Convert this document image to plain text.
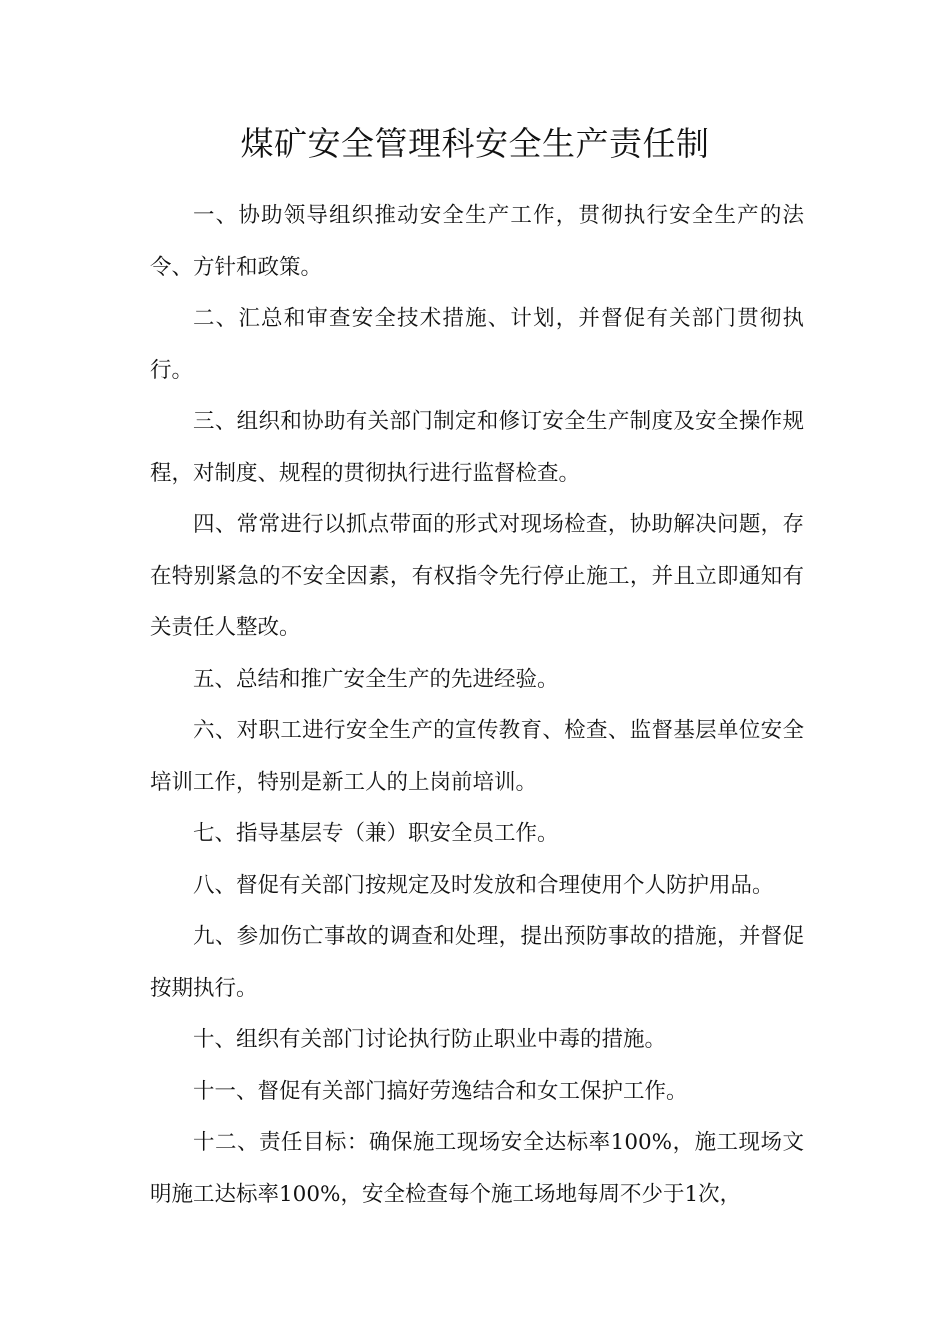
煤矿安全管理科安全生产责任制

一、协助领导组织推动安全生产工作，贯彻执行安全生产的法令、方针和政策。

二、汇总和审查安全技术措施、计划，并督促有关部门贯彻执行。

三、组织和协助有关部门制定和修订安全生产制度及安全操作规程，对制度、规程的贯彻执行进行监督检查。

四、常常进行以抓点带面的形式对现场检查，协助解决问题，存在特别紧急的不安全因素，有权指令先行停止施工，并且立即通知有关责任人整改。

五、总结和推广安全生产的先进经验。

六、对职工进行安全生产的宣传教育、检查、监督基层单位安全培训工作，特别是新工人的上岗前培训。

七、指导基层专（兼）职安全员工作。

八、督促有关部门按规定及时发放和合理使用个人防护用品。

九、参加伤亡事故的调查和处理，提出预防事故的措施，并督促按期执行。

十、组织有关部门讨论执行防止职业中毒的措施。

十一、督促有关部门搞好劳逸结合和女工保护工作。

十二、责任目标：确保施工现场安全达标率100%，施工现场文明施工达标率100%，安全检查每个施工场地每周不少于1次，
